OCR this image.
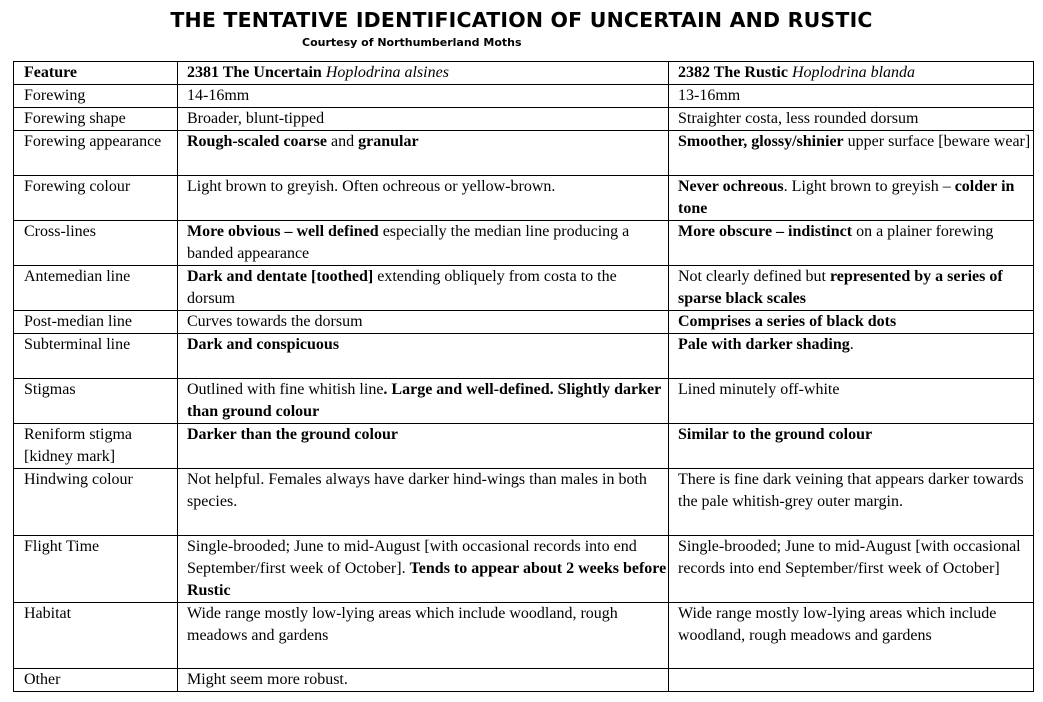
THE TENTATIVE IDENTIFICATION OF UNCERTAIN AND RUSTIC
Courtesy of Northumberland Moths
Feature	2381 The Uncertain Hoplodrina alsines	2382 The Rustic Hoplodrina blanda
Forewing	14-16mm	13-16mm
Forewing shape	Broader, blunt-tipped	Straighter costa, less rounded dorsum
Forewing appearance	Rough-scaled coarse and granular	Smoother, glossy/shinier upper surface [beware wear]
Forewing colour	Light brown to greyish. Often ochreous or yellow-brown.	Never ochreous. Light brown to greyish – colder in tone
Cross-lines	More obvious – well defined especially the median line producing a banded appearance	More obscure – indistinct on a plainer forewing
Antemedian line	Dark and dentate [toothed] extending obliquely from costa to the dorsum	Not clearly defined but represented by a series of sparse black scales
Post-median line	Curves towards the dorsum	Comprises a series of black dots
Subterminal line	Dark and conspicuous	Pale with darker shading.
Stigmas	Outlined with fine whitish line. Large and well-defined. Slightly darker than ground colour	Lined minutely off-white
Reniform stigma [kidney mark]	Darker than the ground colour	Similar to the ground colour
Hindwing colour	Not helpful. Females always have darker hind-wings than males in both species.	There is fine dark veining that appears darker towards the pale whitish-grey outer margin.
Flight Time	Single-brooded; June to mid-August [with occasional records into end September/first week of October]. Tends to appear about 2 weeks before Rustic	Single-brooded; June to mid-August [with occasional records into end September/first week of October]
Habitat	Wide range mostly low-lying areas which include woodland, rough meadows and gardens	Wide range mostly low-lying areas which include woodland, rough meadows and gardens
Other	Might seem more robust.	
